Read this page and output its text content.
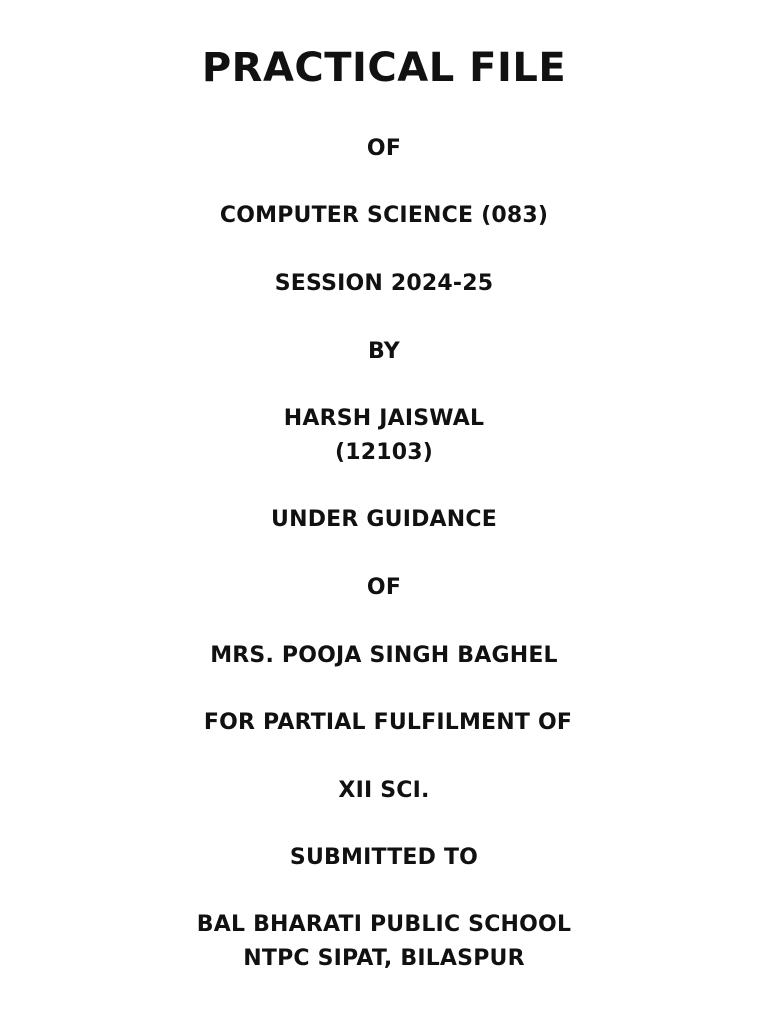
PRACTICAL FILE
OF
COMPUTER SCIENCE (083)
SESSION 2024-25
BY
HARSH JAISWAL
(12103)
UNDER GUIDANCE
OF
MRS. POOJA SINGH BAGHEL
FOR PARTIAL FULFILMENT OF
XII SCI.
SUBMITTED TO
BAL BHARATI PUBLIC SCHOOL
NTPC SIPAT, BILASPUR
